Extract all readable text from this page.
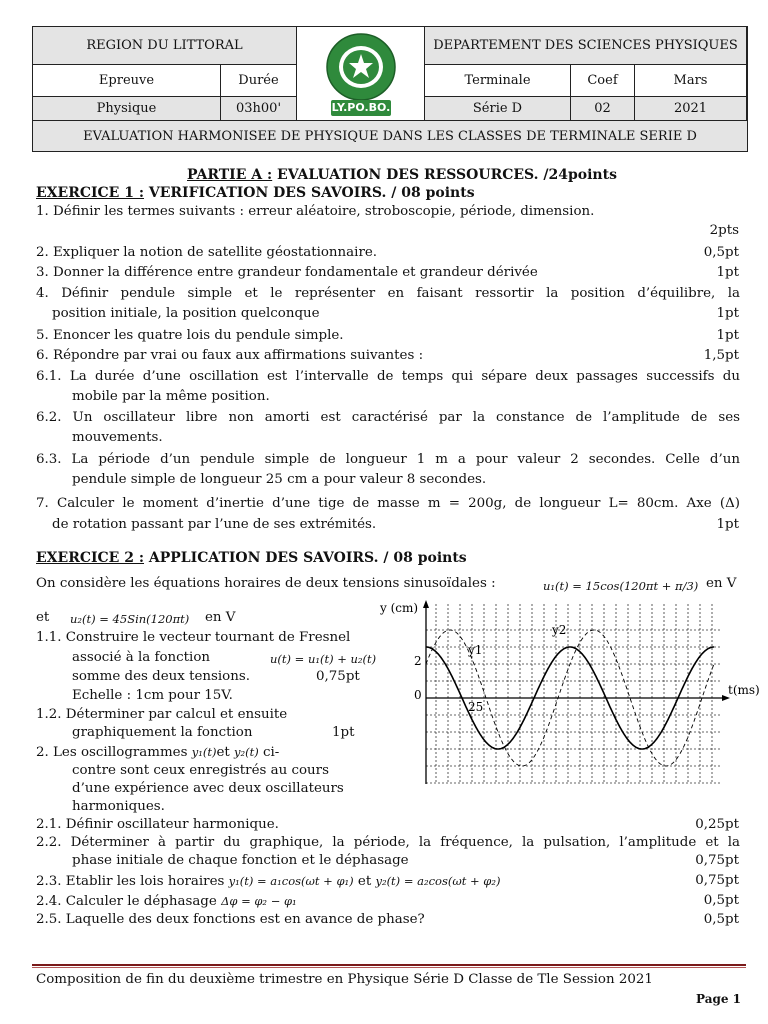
REGION DU LITTORAL
LY.PO.BO.
LYCÉE POLYVALENT DE BONABERI
DEPARTEMENT DES SCIENCES PHYSIQUES
Epreuve	Durée	Terminale	Coef	Mars
Physique	03h00'	Série D	02	2021
EVALUATION HARMONISEE DE PHYSIQUE DANS LES CLASSES DE TERMINALE SERIE D
PARTIE A : EVALUATION DES RESSOURCES. /24points
EXERCICE 1 : VERIFICATION DES SAVOIRS. / 08 points
1. Définir les termes suivants : erreur aléatoire, stroboscopie, période, dimension.
2pts
2. Expliquer la notion de satellite géostationnaire.	0,5pt
3. Donner la différence entre grandeur fondamentale et grandeur dérivée	1pt
4. Définir pendule simple et le représenter en faisant ressortir la position d’équilibre, la
position initiale, la position quelconque	1pt
5. Enoncer les quatre lois du pendule simple.	1pt
6. Répondre par vrai ou faux aux affirmations suivantes :	1,5pt
6.1. La durée d’une oscillation est l’intervalle de temps qui sépare deux passages successifs du
mobile par la même position.
6.2. Un oscillateur libre non amorti est caractérisé par la constance de l’amplitude de ses
mouvements.
6.3. La période d’un pendule simple de longueur 1 m a pour valeur 2 secondes. Celle d’un
pendule simple de longueur 25 cm a pour valeur 8 secondes.
7. Calculer le moment d’inertie d’une tige de masse m = 200g, de longueur L= 80cm. Axe (Δ)
de rotation passant par l’une de ses extrémités.	1pt
EXERCICE 2 : APPLICATION DES SAVOIRS. / 08 points
On considère les équations horaires de deux tensions sinusoïdales :	u₁(t) = 15cos(120πt + π/3) en V
et u₂(t) = 45Sin(120πt) en V
1.1. Construire le vecteur tournant de Fresnel
associé à la fonction	u(t) = u₁(t) + u₂(t)
somme des deux tensions.	0,75pt
Echelle : 1cm pour 15V.
1.2. Déterminer par calcul et ensuite
graphiquement la fonction	1pt
2. Les oscillogrammes y₁(t)et y₂(t) ci-
contre sont ceux enregistrés au cours
d’une expérience avec deux oscillateurs
harmoniques.
y (cm)
t(ms)
2
0
25
y1
y2
2.1. Définir oscillateur harmonique.	0,25pt
2.2. Déterminer à partir du graphique, la période, la fréquence, la pulsation, l’amplitude et la
phase initiale de chaque fonction et le déphasage	0,75pt
2.3. Etablir les lois horaires y₁(t) = a₁cos(ωt + φ₁) et y₂(t) = a₂cos(ωt + φ₂)	0,75pt
2.4. Calculer le déphasage Δφ = φ₂ − φ₁	0,5pt
2.5. Laquelle des deux fonctions est en avance de phase?	0,5pt
Composition de fin du deuxième trimestre en Physique Série D Classe de Tle Session 2021
Page 1
